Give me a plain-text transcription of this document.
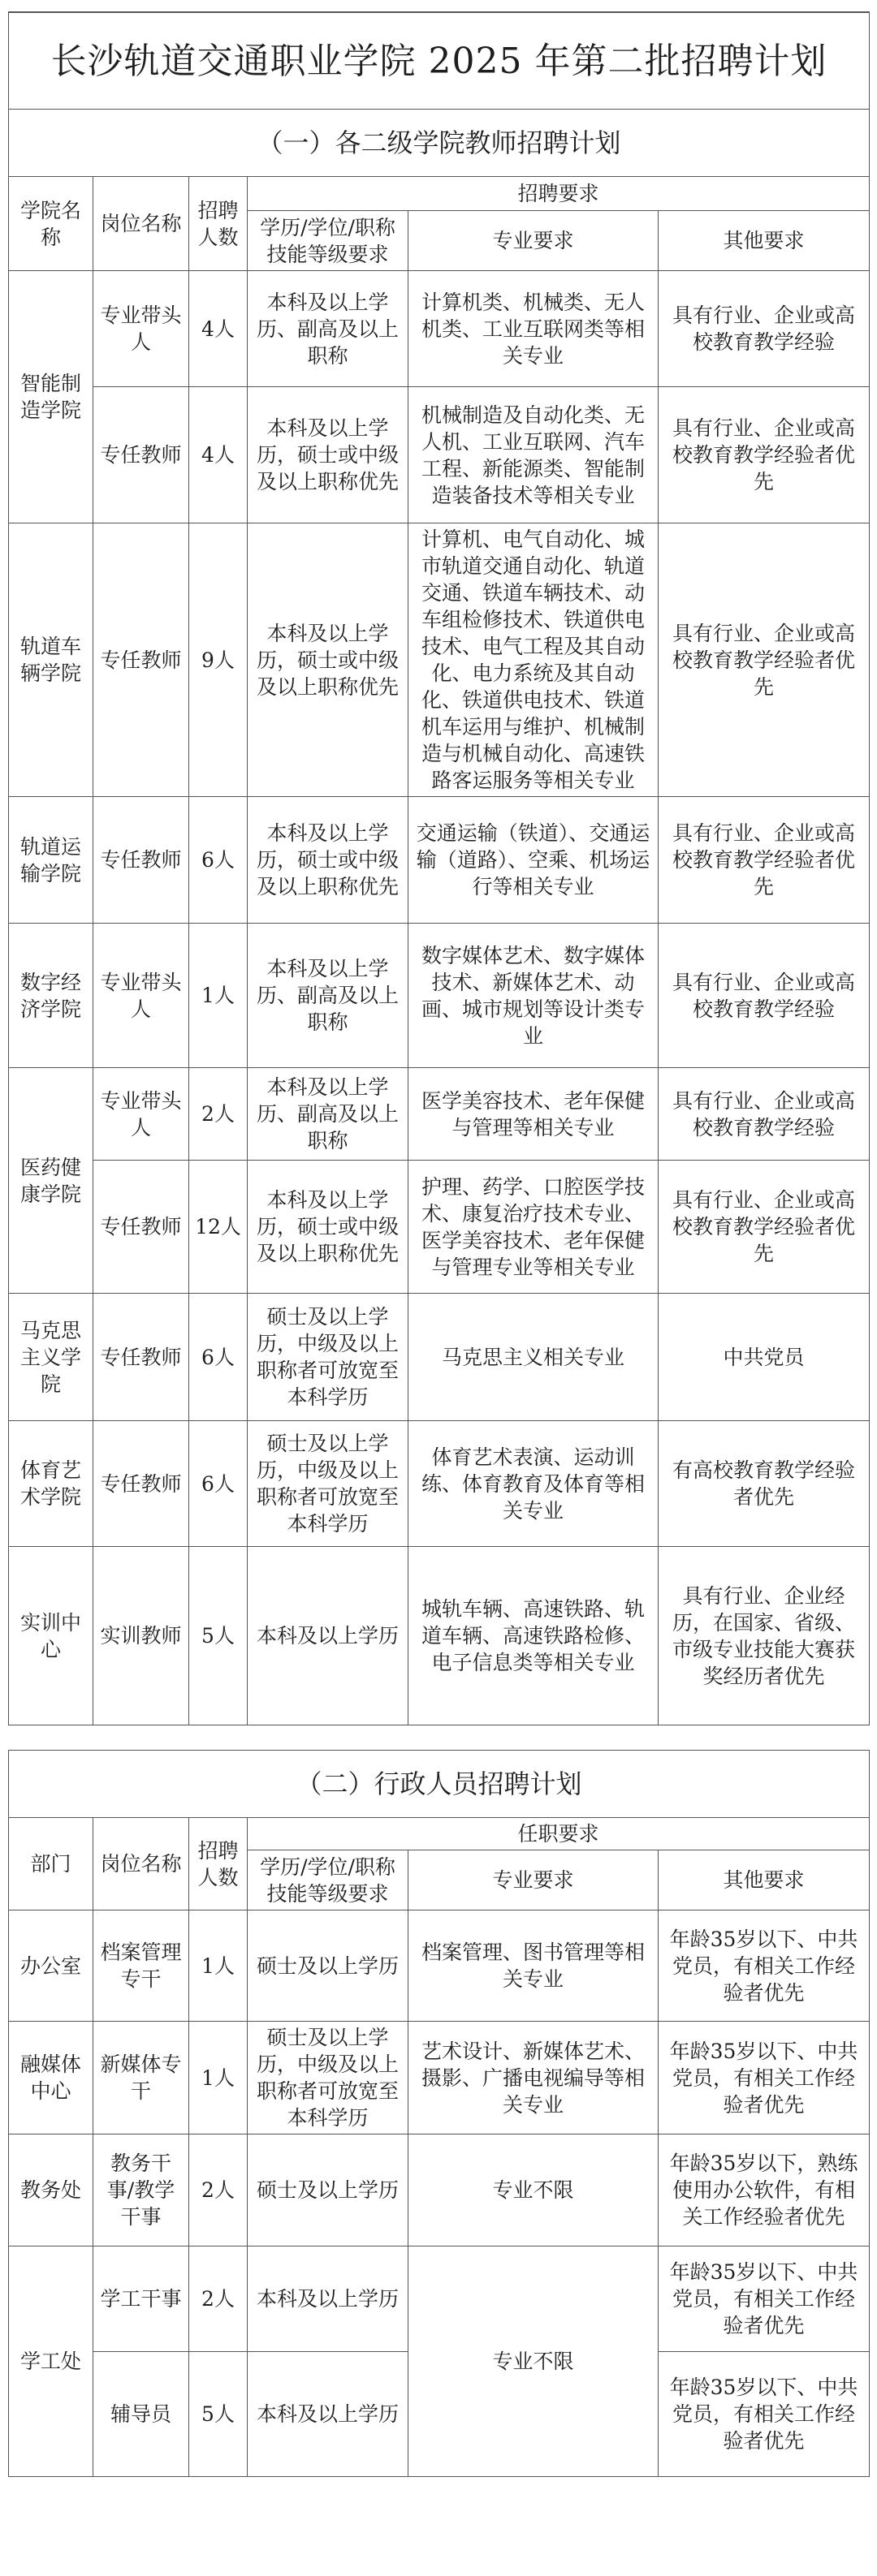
长沙轨道交通职业学院 2025 年第二批招聘计划					
（一）各二级学院教师招聘计划					
学院名称	岗位名称	招聘人数	招聘要求		
			学历/学位/职称技能等级要求	专业要求	其他要求
智能制造学院	专业带头人	4人	本科及以上学历、副高及以上职称	计算机类、机械类、无人机类、工业互联网类等相关专业	具有行业、企业或高校教育教学经验
	专任教师	4人	本科及以上学历，硕士或中级及以上职称优先	机械制造及自动化类、无人机、工业互联网、汽车工程、新能源类、智能制造装备技术等相关专业	具有行业、企业或高校教育教学经验者优先
轨道车辆学院	专任教师	9人	本科及以上学历，硕士或中级及以上职称优先	计算机、电气自动化、城市轨道交通自动化、轨道交通、铁道车辆技术、动车组检修技术、铁道供电技术、电气工程及其自动化、电力系统及其自动化、铁道供电技术、铁道机车运用与维护、机械制造与机械自动化、高速铁路客运服务等相关专业	具有行业、企业或高校教育教学经验者优先
轨道运输学院	专任教师	6人	本科及以上学历，硕士或中级及以上职称优先	交通运输（铁道）、交通运输（道路）、空乘、机场运行等相关专业	具有行业、企业或高校教育教学经验者优先
数字经济学院	专业带头人	1人	本科及以上学历、副高及以上职称	数字媒体艺术、数字媒体技术、新媒体艺术、动画、城市规划等设计类专业	具有行业、企业或高校教育教学经验
医药健康学院	专业带头人	2人	本科及以上学历、副高及以上职称	医学美容技术、老年保健与管理等相关专业	具有行业、企业或高校教育教学经验
	专任教师	12人	本科及以上学历，硕士或中级及以上职称优先	护理、药学、口腔医学技术、康复治疗技术专业、医学美容技术、老年保健与管理专业等相关专业	具有行业、企业或高校教育教学经验者优先
马克思主义学院	专任教师	6人	硕士及以上学历，中级及以上职称者可放宽至本科学历	马克思主义相关专业	中共党员
体育艺术学院	专任教师	6人	硕士及以上学历，中级及以上职称者可放宽至本科学历	体育艺术表演、运动训练、体育教育及体育等相关专业	有高校教育教学经验者优先
实训中心	实训教师	5人	本科及以上学历	城轨车辆、高速铁路、轨道车辆、高速铁路检修、电子信息类等相关专业	具有行业、企业经历，在国家、省级、市级专业技能大赛获奖经历者优先
（二）行政人员招聘计划					
部门	岗位名称	招聘人数	任职要求		
			学历/学位/职称技能等级要求	专业要求	其他要求
办公室	档案管理专干	1人	硕士及以上学历	档案管理、图书管理等相关专业	年龄35岁以下、中共党员，有相关工作经验者优先
融媒体中心	新媒体专干	1人	硕士及以上学历，中级及以上职称者可放宽至本科学历	艺术设计、新媒体艺术、摄影、广播电视编导等相关专业	年龄35岁以下、中共党员，有相关工作经验者优先
教务处	教务干事/教学干事	2人	硕士及以上学历	专业不限	年龄35岁以下，熟练使用办公软件，有相关工作经验者优先
学工处	学工干事	2人	本科及以上学历	专业不限	年龄35岁以下、中共党员，有相关工作经验者优先
	辅导员	5人	本科及以上学历		年龄35岁以下、中共党员，有相关工作经验者优先
